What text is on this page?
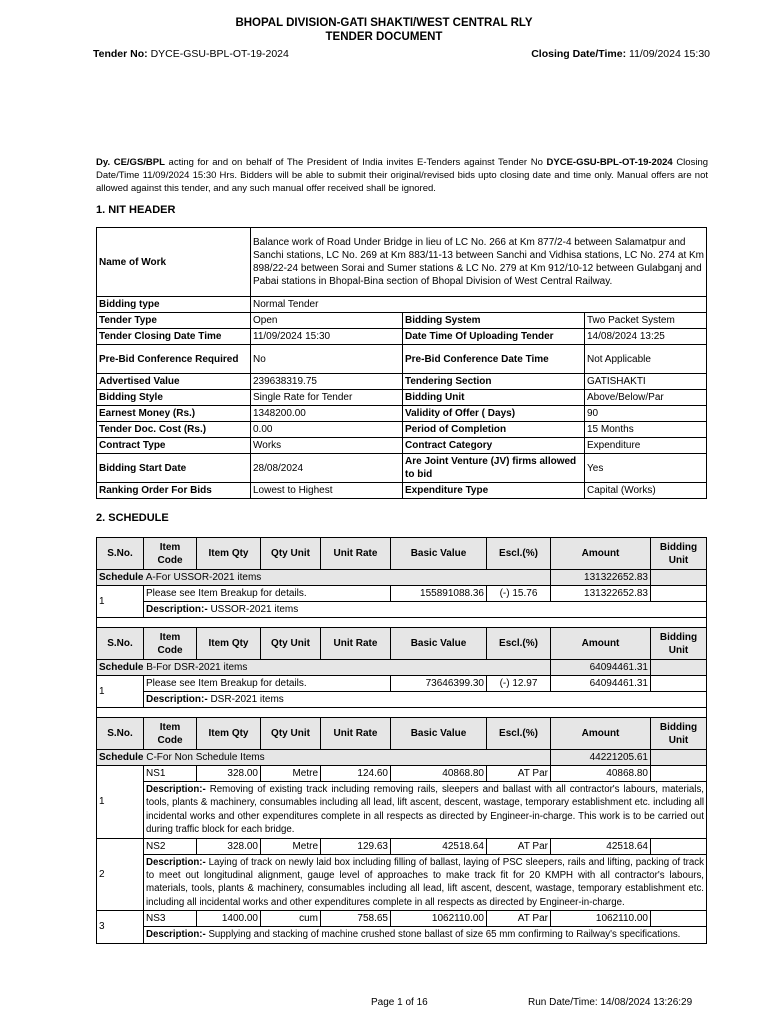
BHOPAL DIVISION-GATI SHAKTI/WEST CENTRAL RLY
TENDER DOCUMENT
Tender No: DYCE-GSU-BPL-OT-19-2024	Closing Date/Time: 11/09/2024 15:30
Dy. CE/GS/BPL acting for and on behalf of The President of India invites E-Tenders against Tender No DYCE-GSU-BPL-OT-19-2024 Closing Date/Time 11/09/2024 15:30 Hrs. Bidders will be able to submit their original/revised bids upto closing date and time only. Manual offers are not allowed against this tender, and any such manual offer received shall be ignored.
1. NIT HEADER
Name of Work	Balance work of Road Under Bridge in lieu of LC No. 266 at Km 877/2-4 between Salamatpur and Sanchi stations, LC No. 269 at Km 883/11-13 between Sanchi and Vidhisa stations, LC No. 274 at Km 898/22-24 between Sorai and Sumer stations & LC No. 279 at Km 912/10-12 between Gulabganj and Pabai stations in Bhopal-Bina section of Bhopal Division of West Central Railway.		
Bidding type	Normal Tender		
Tender Type	Open	Bidding System	Two Packet System
Tender Closing Date Time	11/09/2024 15:30	Date Time Of Uploading Tender	14/08/2024 13:25
Pre-Bid Conference Required	No	Pre-Bid Conference Date Time	Not Applicable
Advertised Value	239638319.75	Tendering Section	GATISHAKTI
Bidding Style	Single Rate for Tender	Bidding Unit	Above/Below/Par
Earnest Money (Rs.)	1348200.00	Validity of Offer ( Days)	90
Tender Doc. Cost (Rs.)	0.00	Period of Completion	15 Months
Contract Type	Works	Contract Category	Expenditure
Bidding Start Date	28/08/2024	Are Joint Venture (JV) firms allowed to bid	Yes
Ranking Order For Bids	Lowest to Highest	Expenditure Type	Capital (Works)
2. SCHEDULE
S.No.	Item Code	Item Qty	Qty Unit	Unit Rate	Basic Value	Escl.(%)	Amount	Bidding Unit
Schedule A-For USSOR-2021 items							131322652.83	
1	Please see Item Breakup for details.				155891088.36	(-) 15.76	131322652.83	
	Description:- USSOR-2021 items							

S.No.	Item Code	Item Qty	Qty Unit	Unit Rate	Basic Value	Escl.(%)	Amount	Bidding Unit
Schedule B-For DSR-2021 items							64094461.31	
1	Please see Item Breakup for details.				73646399.30	(-) 12.97	64094461.31	
	Description:- DSR-2021 items							

S.No.	Item Code	Item Qty	Qty Unit	Unit Rate	Basic Value	Escl.(%)	Amount	Bidding Unit
Schedule C-For Non Schedule Items							44221205.61	
1	NS1	328.00	Metre	124.60	40868.80	AT Par	40868.80	
	Description:- Removing of existing track including removing rails, sleepers and ballast with all contractor's labours, materials, tools, plants & machinery, consumables including all lead, lift ascent, descent, wastage, temporary establishment etc. including all incidental works and other expenditures complete in all respects as directed by Engineer-in-charge. This work is to be carried out during traffic block for each bridge.							
2	NS2	328.00	Metre	129.63	42518.64	AT Par	42518.64	
	Description:- Laying of track on newly laid box including filling of ballast, laying of PSC sleepers, rails and lifting, packing of track to meet out longitudinal alignment, gauge level of approaches to make track fit for 20 KMPH with all contractor's labours, materials, tools, plants & machinery, consumables including all lead, lift ascent, descent, wastage, temporary establishment etc. including all incidental works and other expenditures complete in all respects as directed by Engineer-in-charge.							
3	NS3	1400.00	cum	758.65	1062110.00	AT Par	1062110.00	
	Description:- Supplying and stacking of machine crushed stone ballast of size 65 mm confirming to Railway's specifications.							
Page 1 of 16	Run Date/Time: 14/08/2024 13:26:29
